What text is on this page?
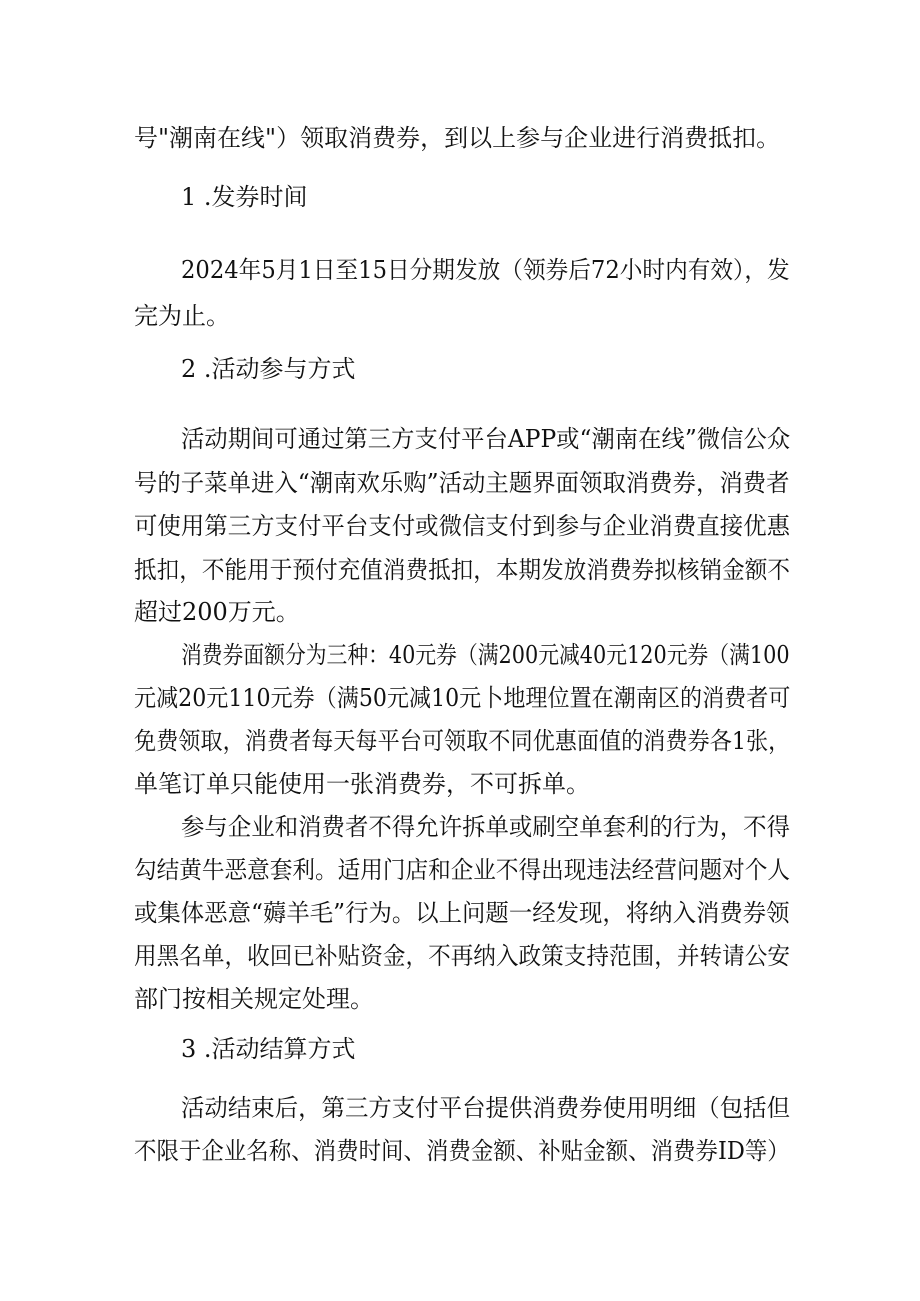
号"潮南在线"）领取消费券，到以上参与企业进行消费抵扣。
1 .发券时间
2024年5月1日至15日分期发放（领券后72小时内有效），发
完为止。
2 .活动参与方式
活动期间可通过第三方支付平台APP或“潮南在线”微信公众
号的子菜单进入“潮南欢乐购”活动主题界面领取消费券，消费者
可使用第三方支付平台支付或微信支付到参与企业消费直接优惠
抵扣，不能用于预付充值消费抵扣，本期发放消费券拟核销金额不
超过200万元。
消费券面额分为三种：40元券（满200元减40元120元券（满100
元减20元110元券（满50元减10元卜地理位置在潮南区的消费者可
免费领取，消费者每天每平台可领取不同优惠面值的消费券各1张，
单笔订单只能使用一张消费券，不可拆单。
参与企业和消费者不得允许拆单或刷空单套利的行为，不得
勾结黄牛恶意套利。适用门店和企业不得出现违法经营问题对个人
或集体恶意“薅羊毛”行为。以上问题一经发现，将纳入消费券领
用黑名单，收回已补贴资金，不再纳入政策支持范围，并转请公安
部门按相关规定处理。
3 .活动结算方式
活动结束后，第三方支付平台提供消费券使用明细（包括但
不限于企业名称、消费时间、消费金额、补贴金额、消费券ID等）
